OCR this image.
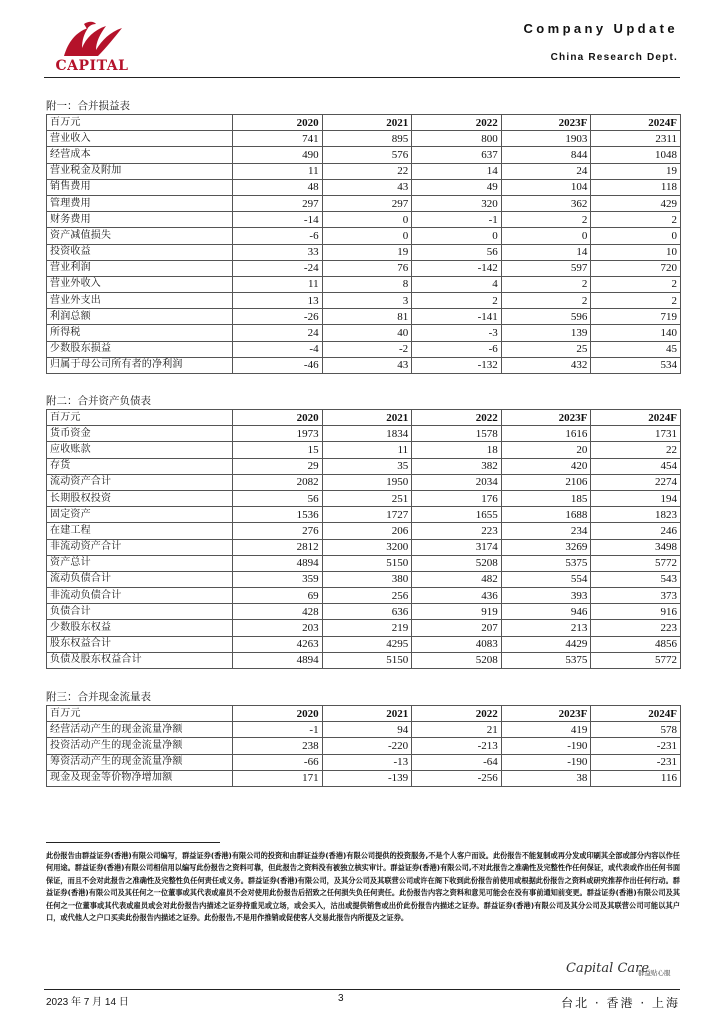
CAPITAL
Company Update
China Research Dept.
附一：合并损益表
百万元	2020	2021	2022	2023F	2024F
营业收入	741	895	800	1903	2311
经营成本	490	576	637	844	1048
营业税金及附加	11	22	14	24	19
销售费用	48	43	49	104	118
管理费用	297	297	320	362	429
财务费用	-14	0	-1	2	2
资产减值损失	-6	0	0	0	0
投资收益	33	19	56	14	10
营业利润	-24	76	-142	597	720
营业外收入	11	8	4	2	2
营业外支出	13	3	2	2	2
利润总额	-26	81	-141	596	719
所得税	24	40	-3	139	140
少数股东损益	-4	-2	-6	25	45
归属于母公司所有者的净利润	-46	43	-132	432	534
附二：合并资产负债表
百万元	2020	2021	2022	2023F	2024F
货币资金	1973	1834	1578	1616	1731
应收账款	15	11	18	20	22
存货	29	35	382	420	454
流动资产合计	2082	1950	2034	2106	2274
长期股权投资	56	251	176	185	194
固定资产	1536	1727	1655	1688	1823
在建工程	276	206	223	234	246
非流动资产合计	2812	3200	3174	3269	3498
资产总计	4894	5150	5208	5375	5772
流动负债合计	359	380	482	554	543
非流动负债合计	69	256	436	393	373
负债合计	428	636	919	946	916
少数股东权益	203	219	207	213	223
股东权益合计	4263	4295	4083	4429	4856
负债及股东权益合计	4894	5150	5208	5375	5772
附三：合并现金流量表
百万元	2020	2021	2022	2023F	2024F
经营活动产生的现金流量净额	-1	94	21	419	578
投资活动产生的现金流量净额	238	-220	-213	-190	-231
筹资活动产生的现金流量净额	-66	-13	-64	-190	-231
现金及现金等价物净增加额	171	-139	-256	38	116
此份报告由群益证券(香港)有限公司编写，群益证券(香港)有限公司的投资和由群证益券(香港)有限公司提供的投资服务,不是个人客户而设。此份报告不能复制或再分发或印刷其全部或部分内容以作任何用途。群益证券(香港)有限公司相信用以编写此份报告之资料可靠，但此报告之资料没有被独立核实审计。群益证券(香港)有限公司,不对此报告之准确性及完整性作任何保证，或代表或作出任何书面保证，而且不会对此报告之准确性及完整性负任何责任或义务。群益证券(香港)有限公司，及其分公司及其联营公司或许在阁下收到此份报告前使用或根据此份报告之资料或研究推荐作出任何行动。群益证券(香港)有限公司及其任何之一位董事或其代表或雇员不会对使用此份报告后招致之任何损失负任何责任。此份报告内容之资料和意见可能会在没有事前通知前变更。群益证券(香港)有限公司及其任何之一位董事或其代表或雇员或会对此份报告内描述之证券持重见或立场，或会买入，沽出或提供销售或出价此份报告内描述之证券。群益证券(香港)有限公司及其分公司及其联营公司可能以其户口，或代他人之户口买卖此份报告内描述之证券。此份报告,不是用作推销或促使客人交易此报告内所提及之证券。
Capital Care
群益贴心服
2023 年 7 月 14 日	3	台北 · 香港 · 上海
